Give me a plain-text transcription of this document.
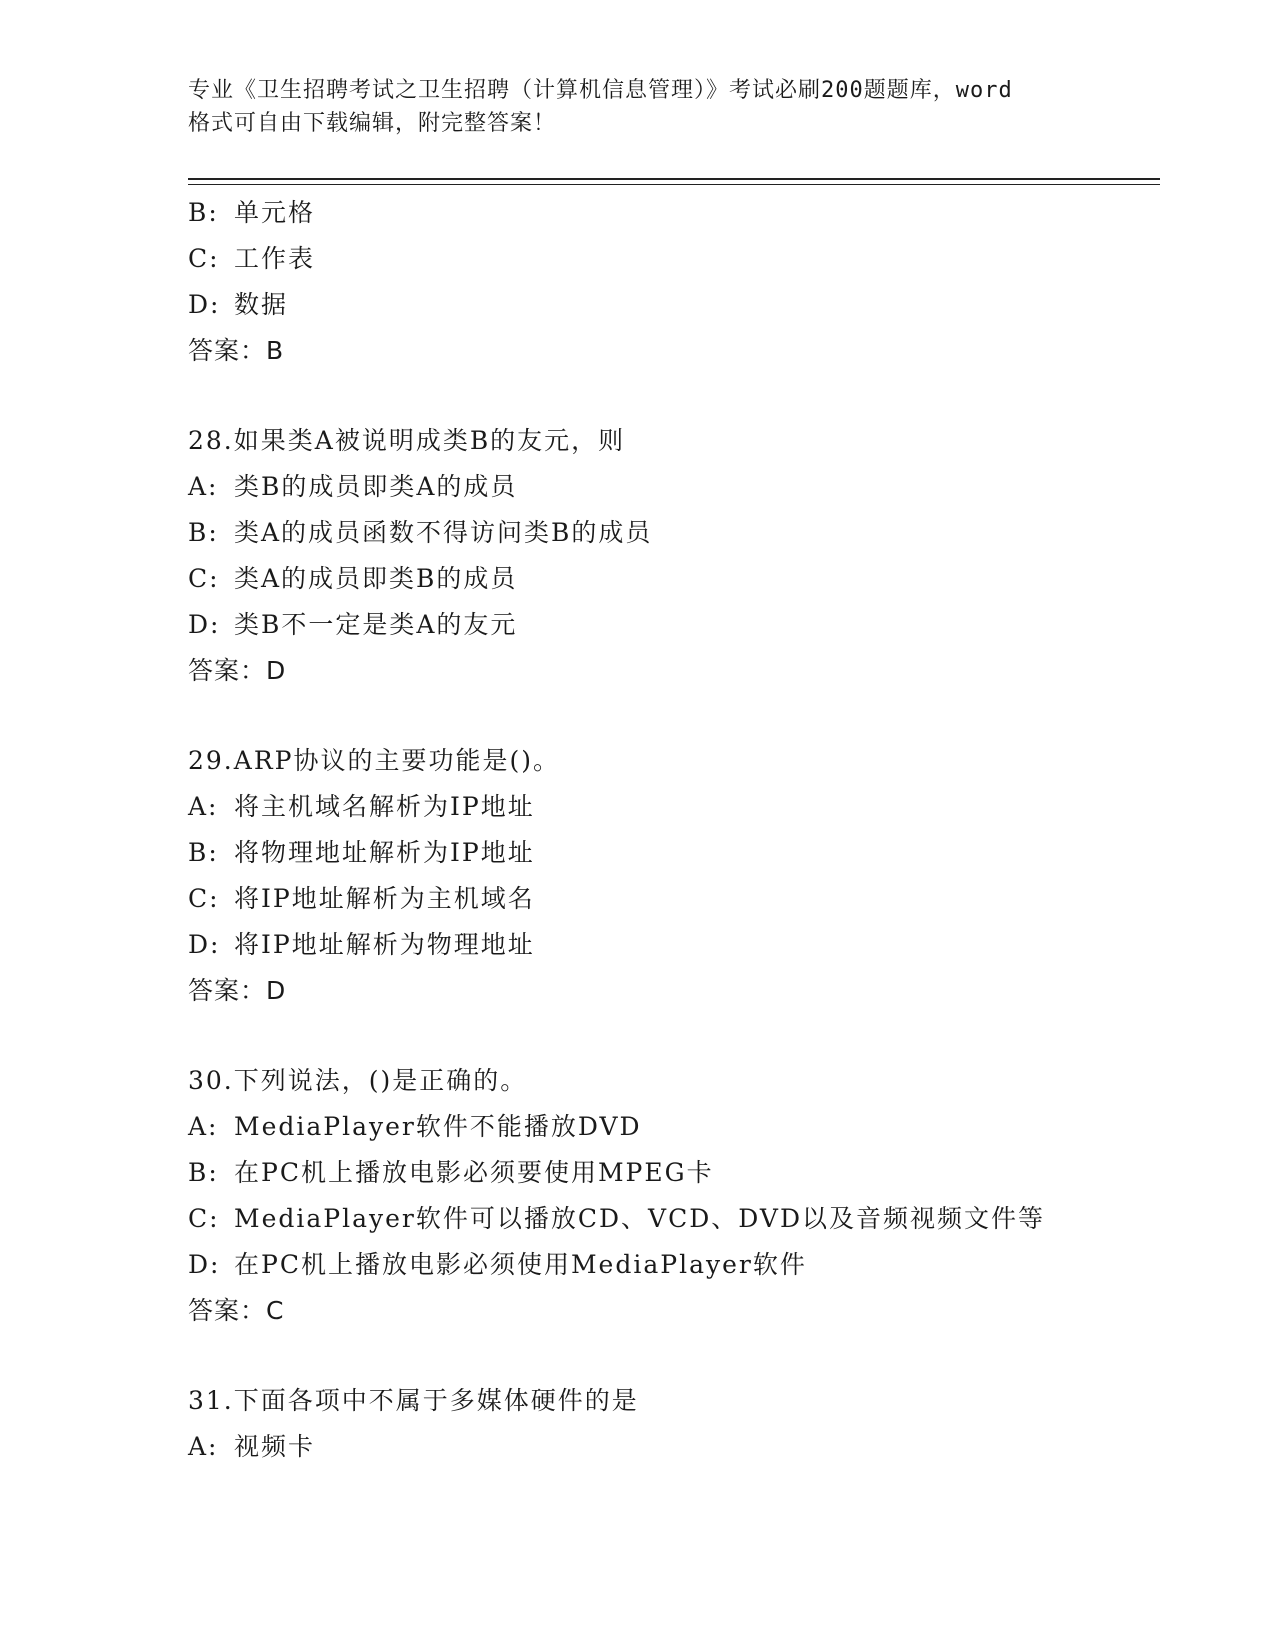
专业《卫生招聘考试之卫生招聘（计算机信息管理）》考试必刷200题题库，word
格式可自由下载编辑，附完整答案！
B: 单元格
C: 工作表
D: 数据
答案：B
28.如果类A被说明成类B的友元，则
A: 类B的成员即类A的成员
B: 类A的成员函数不得访问类B的成员
C: 类A的成员即类B的成员
D: 类B不一定是类A的友元
答案：D
29.ARP协议的主要功能是()。
A: 将主机域名解析为IP地址
B: 将物理地址解析为IP地址
C: 将IP地址解析为主机域名
D: 将IP地址解析为物理地址
答案：D
30.下列说法，()是正确的。
A: MediaPlayer软件不能播放DVD
B: 在PC机上播放电影必须要使用MPEG卡
C: MediaPlayer软件可以播放CD、VCD、DVD以及音频视频文件等
D: 在PC机上播放电影必须使用MediaPlayer软件
答案：C
31.下面各项中不属于多媒体硬件的是
A: 视频卡
